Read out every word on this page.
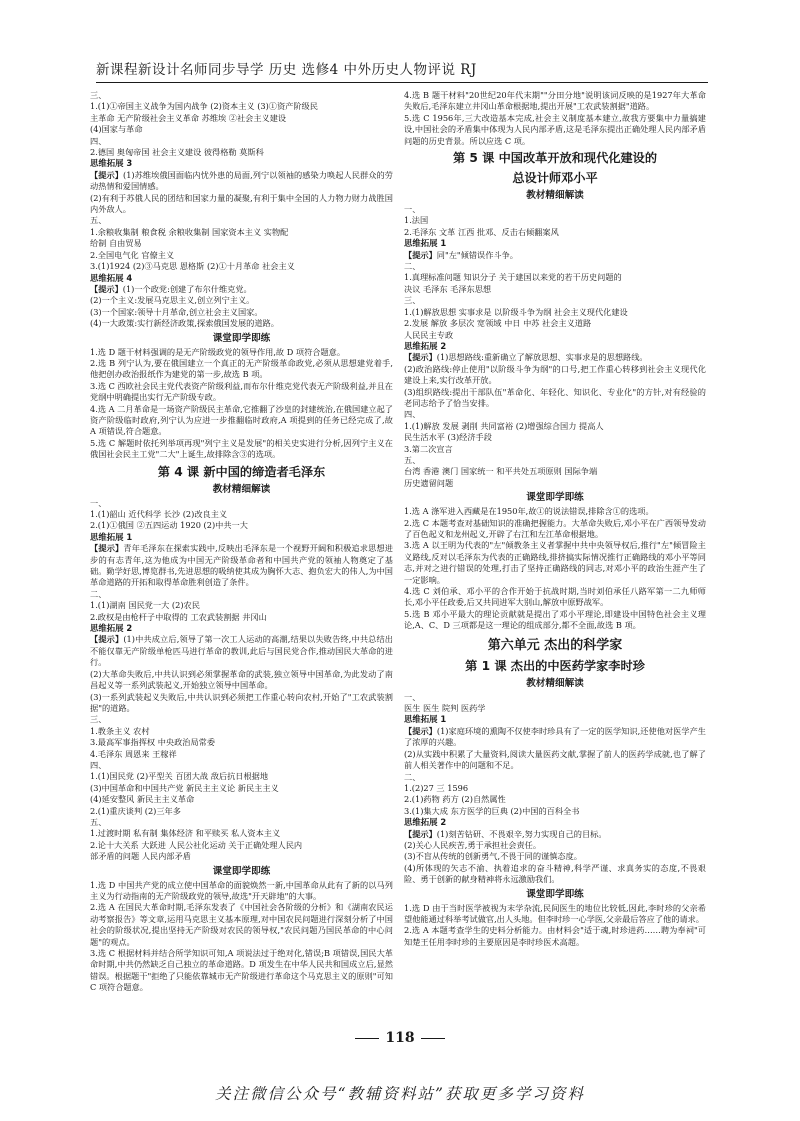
新课程新设计名师同步导学 历史 选修4 中外历史人物评说 RJ
三、
1.(1)①帝国主义战争为国内战争 (2)资本主义 (3)①资产阶级民
主革命 无产阶级社会主义革命 苏维埃 ②社会主义建设
(4)国家与革命
四、
2.德国 奥匈帝国 社会主义建设 彼得格勒 莫斯科
思维拓展 3
【提示】(1)苏维埃俄国面临内忧外患的局面,列宁以领袖的感染力唤起人民群众的劳动热情和爱国情感。
(2)有利于苏俄人民的团结和国家力量的凝聚,有利于集中全国的人力物力财力战胜国内外敌人。
五、
1.余粮收集制 粮食税 余粮收集制 国家资本主义 实物配
给制 自由贸易
2.全国电气化 官僚主义
3.(1)1924 (2)③马克思 恩格斯 (2)①十月革命 社会主义
思维拓展 4
【提示】(1)一个政党:创建了布尔什维克党。
(2)一个主义:发展马克思主义,创立列宁主义。
(3)一个国家:领导十月革命,创立社会主义国家。
(4)一大政策:实行新经济政策,探索俄国发展的道路。
课堂即学即练
1.选 D 题干材料强调的是无产阶级政党的领导作用,故 D 项符合题意。
2.选 B 列宁认为,要在俄国建立一个真正的无产阶级革命政党,必须从思想建党着手,他把创办政治报纸作为建党的第一步,故选 B 项。
3.选 C 西欧社会民主党代表资产阶级利益,而布尔什维克党代表无产阶级利益,并且在党纲中明确提出实行无产阶级专政。
4.选 A 二月革命是一场资产阶级民主革命,它推翻了沙皇的封建统治,在俄国建立起了资产阶级临时政府,列宁认为应进一步推翻临时政府,A 项提到的任务已经完成了,故 A 项错误,符合题意。
5.选 C 解题时依托列举项再现"列宁主义是发展"的相关史实进行分析,因列宁主义在俄国社会民主工党"二大"上诞生,故排除含③的选项。
第 4 课 新中国的缔造者毛泽东
教材精细解读
一、
1.(1)韶山 近代科学 长沙 (2)改良主义
2.(1)①俄国 ②五四运动 1920 (2)中共一大
思维拓展 1
【提示】青年毛泽东在探索实践中,反映出毛泽东是一个视野开阔和积极追求思想进步的有志青年,这为他成为中国无产阶级革命者和中国共产党的领袖人物奠定了基础。勤学好思,博览群书,先进思想的吸纳使其成为胸怀大志、抱负宏大的伟人,为中国革命道路的开拓和取得革命胜利创造了条件。
二、
1.(1)湖南 国民党一大 (2)农民
2.政权是由枪杆子中取得的 工农武装割据 井冈山
思维拓展 2
【提示】(1)中共成立后,领导了第一次工人运动的高潮,结果以失败告终,中共总结出不能仅靠无产阶级单枪匹马进行革命的教训,此后与国民党合作,推动国民大革命的进行。
(2)大革命失败后,中共认识到必须掌握革命的武装,独立领导中国革命,为此发动了南昌起义等一系列武装起义,开始独立领导中国革命。
(3)一系列武装起义失败后,中共认识到必须把工作重心转向农村,开始了"工农武装割据"的道路。
三、
1.教条主义 农村
3.最高军事指挥权 中央政治局常委
4.毛泽东 周恩来 王稼祥
四、
1.(1)国民党 (2)平型关 百团大战 敌后抗日根据地
(3)中国革命和中国共产党 新民主主义论 新民主主义
(4)延安整风 新民主主义革命
2.(1)重庆谈判 (2)三年多
五、
1.过渡时期 私有制 集体经济 和平赎买 私人资本主义
2.论十大关系 大跃进 人民公社化运动 关于正确处理人民内
部矛盾的问题 人民内部矛盾
课堂即学即练
1.选 D 中国共产党的成立使中国革命的面貌焕然一新,中国革命从此有了新的以马列主义为行动指南的无产阶级政党的领导,故选"开天辟地"的大事。
2.选 A 在国民大革命时期,毛泽东发表了《中国社会各阶级的分析》和《湖南农民运动考察报告》等文章,运用马克思主义基本原理,对中国农民问题进行深刻分析了中国社会的阶级状况,提出坚持无产阶级对农民的领导权,"农民问题乃国民革命的中心问题"的观点。
3.选 C 根据材料并结合所学知识可知,A 项说法过于绝对化,错误;B 项错误,国民大革命时期,中共仍然缺乏自己独立的革命道路。D 项发生在中华人民共和国成立后,显然错误。根据题干"拒绝了只能依靠城市无产阶级进行革命这个马克思主义的原则"可知 C 项符合题意。
4.选 B 题干材料"20世纪20年代末期""分田分地"说明该词反映的是1927年大革命失败后,毛泽东建立井冈山革命根据地,提出开展"工农武装割据"道路。
5.选 C 1956年,三大改造基本完成,社会主义制度基本建立,故我方要集中力量搞建设,中国社会的矛盾集中体现为人民内部矛盾,这是毛泽东提出正确处理人民内部矛盾问题的历史背景。所以应选 C 项。
第 5 课 中国改革开放和现代化建设的
总设计师邓小平
教材精细解读
一、
1.法国
2.毛泽东 文革 江西 批邓、反击右倾翻案风
思维拓展 1
【提示】同"左"倾错误作斗争。
二、
1.真理标准问题 知识分子 关于建国以来党的若干历史问题的
决议 毛泽东 毛泽东思想
三、
1.(1)解放思想 实事求是 以阶级斗争为纲 社会主义现代化建设
2.发展 解放 多层次 宽领域 中日 中苏 社会主义道路
人民民主专政
思维拓展 2
【提示】(1)思想路线:重新确立了解放思想、实事求是的思想路线。
(2)政治路线:停止使用"以阶级斗争为纲"的口号,把工作重心转移到社会主义现代化建设上来,实行改革开放。
(3)组织路线:提出干部队伍"革命化、年轻化、知识化、专业化"的方针,对有经验的老同志给予了恰当安排。
四、
1.(1)解放 发展 剥削 共同富裕 (2)增强综合国力 提高人
民生活水平 (3)经济手段
3.第二次宣言
五、
台湾 香港 澳门 国家统一 和平共处五项原则 国际争端
历史遗留问题
课堂即学即练
1.选 A 涤军进入西藏是在1950年,故①的说法错误,排除含①的选项。
2.选 C 本题考查对基础知识的准确把握能力。大革命失败后,邓小平在广西领导发动了百色起义和龙州起义,开辟了右江和左江革命根据地。
3.选 A 以王明为代表的"左"倾教条主义者掌握中共中央领导权后,推行"左"倾冒险主义路线,反对以毛泽东为代表的正确路线,排挤搞实际情况推行正确路线的邓小平等同志,并对之进行错误的处理,打击了坚持正确路线的同志,对邓小平的政治生涯产生了一定影响。
4.选 C 刘伯承、邓小平的合作开始于抗战时期,当时刘伯承任八路军第一二九师师长,邓小平任政委,后又共同进军大别山,解放中原野战军。
5.选 B 邓小平最大的理论贡献就是提出了邓小平理论,即建设中国特色社会主义理论,A、C、D 三项都是这一理论的组成部分,都不全面,故选 B 项。
第六单元 杰出的科学家
第 1 课 杰出的中医药学家李时珍
教材精细解读
一、
医生 医生 院判 医药学
思维拓展 1
【提示】(1)家庭环境的熏陶不仅使李时珍具有了一定的医学知识,还使他对医学产生了浓厚的兴趣。
(2)从实践中积累了大量资料,阅读大量医药文献,掌握了前人的医药学成就,也了解了前人相关著作中的问题和不足。
二、
1.(2)27 三 1596
2.(1)药物 药方 (2)自然属性
3.(1)集大成 东方医学的巨典 (2)中国的百科全书
思维拓展 2
【提示】(1)刻苦钻研、不畏艰辛,努力实现自己的目标。
(2)关心人民疾苦,勇于承担社会责任。
(3)不盲从传统的创新勇气,不畏于同的谨慎态度。
(4)所体现的矢志不渝、执着追求的奋斗精神,科学严谨、求真务实的态度,不畏艰险、勇于创新的献身精神将永远激励我们。
课堂即学即练
1.选 D 由于当时医学被视为末学杂流,民间医生的地位比较低,因此,李时珍的父亲希望他能通过科举考试做官,出人头地。但李时珍一心学医,父亲最后答应了他的请求。
2.选 A 本题考查学生的史料分析能力。由材料会"适于魂,时珍进药……聘为奉祠"可知楚王任用李时珍的主要原因是李时珍医术高超。
118
关注微信公众号“教辅资料站”获取更多学习资料
